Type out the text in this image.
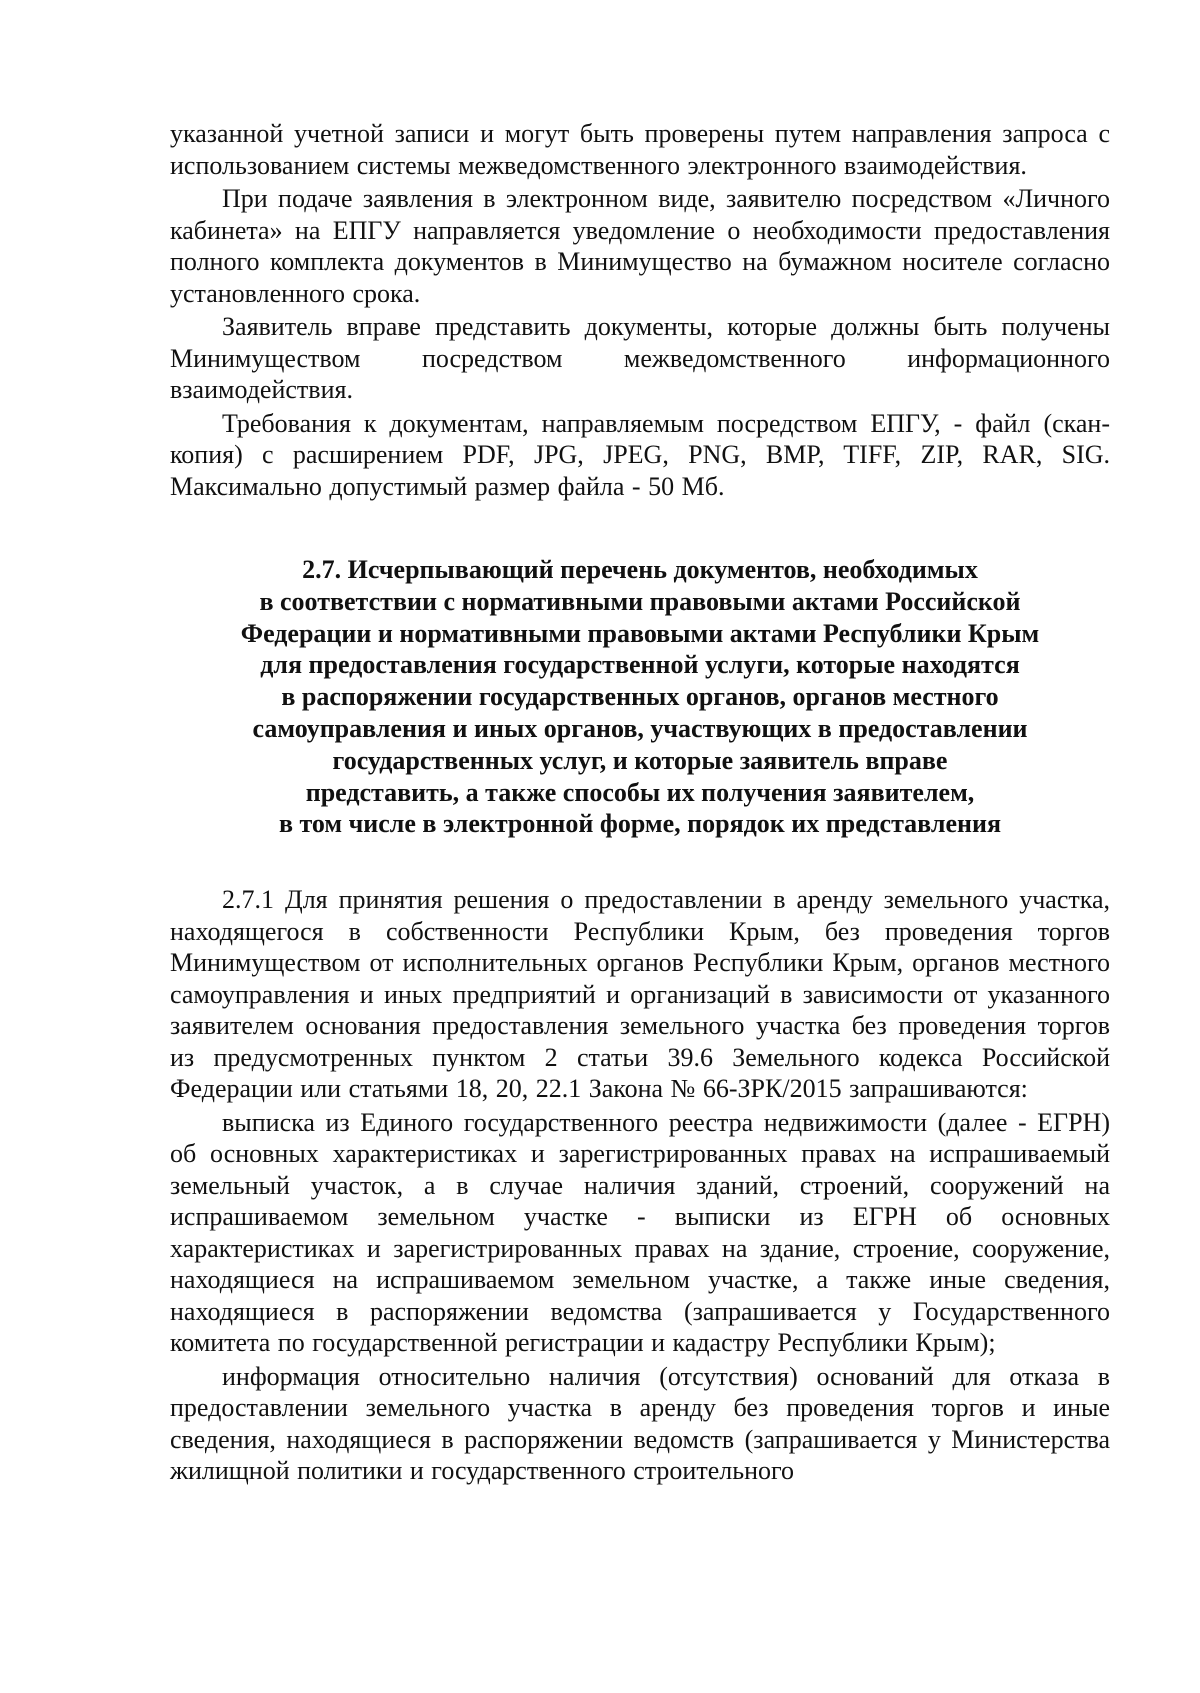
указанной учетной записи и могут быть проверены путем направления запроса с использованием системы межведомственного электронного взаимодействия.

При подаче заявления в электронном виде, заявителю посредством «Личного кабинета» на ЕПГУ направляется уведомление о необходимости предоставления полного комплекта документов в Минимущество на бумажном носителе согласно установленного срока.

Заявитель вправе представить документы, которые должны быть получены Минимуществом посредством межведомственного информационного взаимодействия.

Требования к документам, направляемым посредством ЕПГУ, - файл (скан-копия) с расширением PDF, JPG, JPEG, PNG, BMP, TIFF, ZIP, RAR, SIG. Максимально допустимый размер файла - 50 Мб.

2.7. Исчерпывающий перечень документов, необходимых
в соответствии с нормативными правовыми актами Российской
Федерации и нормативными правовыми актами Республики Крым
для предоставления государственной услуги, которые находятся
в распоряжении государственных органов, органов местного
самоуправления и иных органов, участвующих в предоставлении
государственных услуг, и которые заявитель вправе
представить, а также способы их получения заявителем,
в том числе в электронной форме, порядок их представления

2.7.1 Для принятия решения о предоставлении в аренду земельного участка, находящегося в собственности Республики Крым, без проведения торгов Минимуществом от исполнительных органов Республики Крым, органов местного самоуправления и иных предприятий и организаций в зависимости от указанного заявителем основания предоставления земельного участка без проведения торгов из предусмотренных пунктом 2 статьи 39.6 Земельного кодекса Российской Федерации или статьями 18, 20, 22.1 Закона № 66-ЗРК/2015 запрашиваются:

выписка из Единого государственного реестра недвижимости (далее - ЕГРН) об основных характеристиках и зарегистрированных правах на испрашиваемый земельный участок, а в случае наличия зданий, строений, сооружений на испрашиваемом земельном участке - выписки из ЕГРН об основных характеристиках и зарегистрированных правах на здание, строение, сооружение, находящиеся на испрашиваемом земельном участке, а также иные сведения, находящиеся в распоряжении ведомства (запрашивается у Государственного комитета по государственной регистрации и кадастру Республики Крым);

информация относительно наличия (отсутствия) оснований для отказа в предоставлении земельного участка в аренду без проведения торгов и иные сведения, находящиеся в распоряжении ведомств (запрашивается у Министерства жилищной политики и государственного строительного
